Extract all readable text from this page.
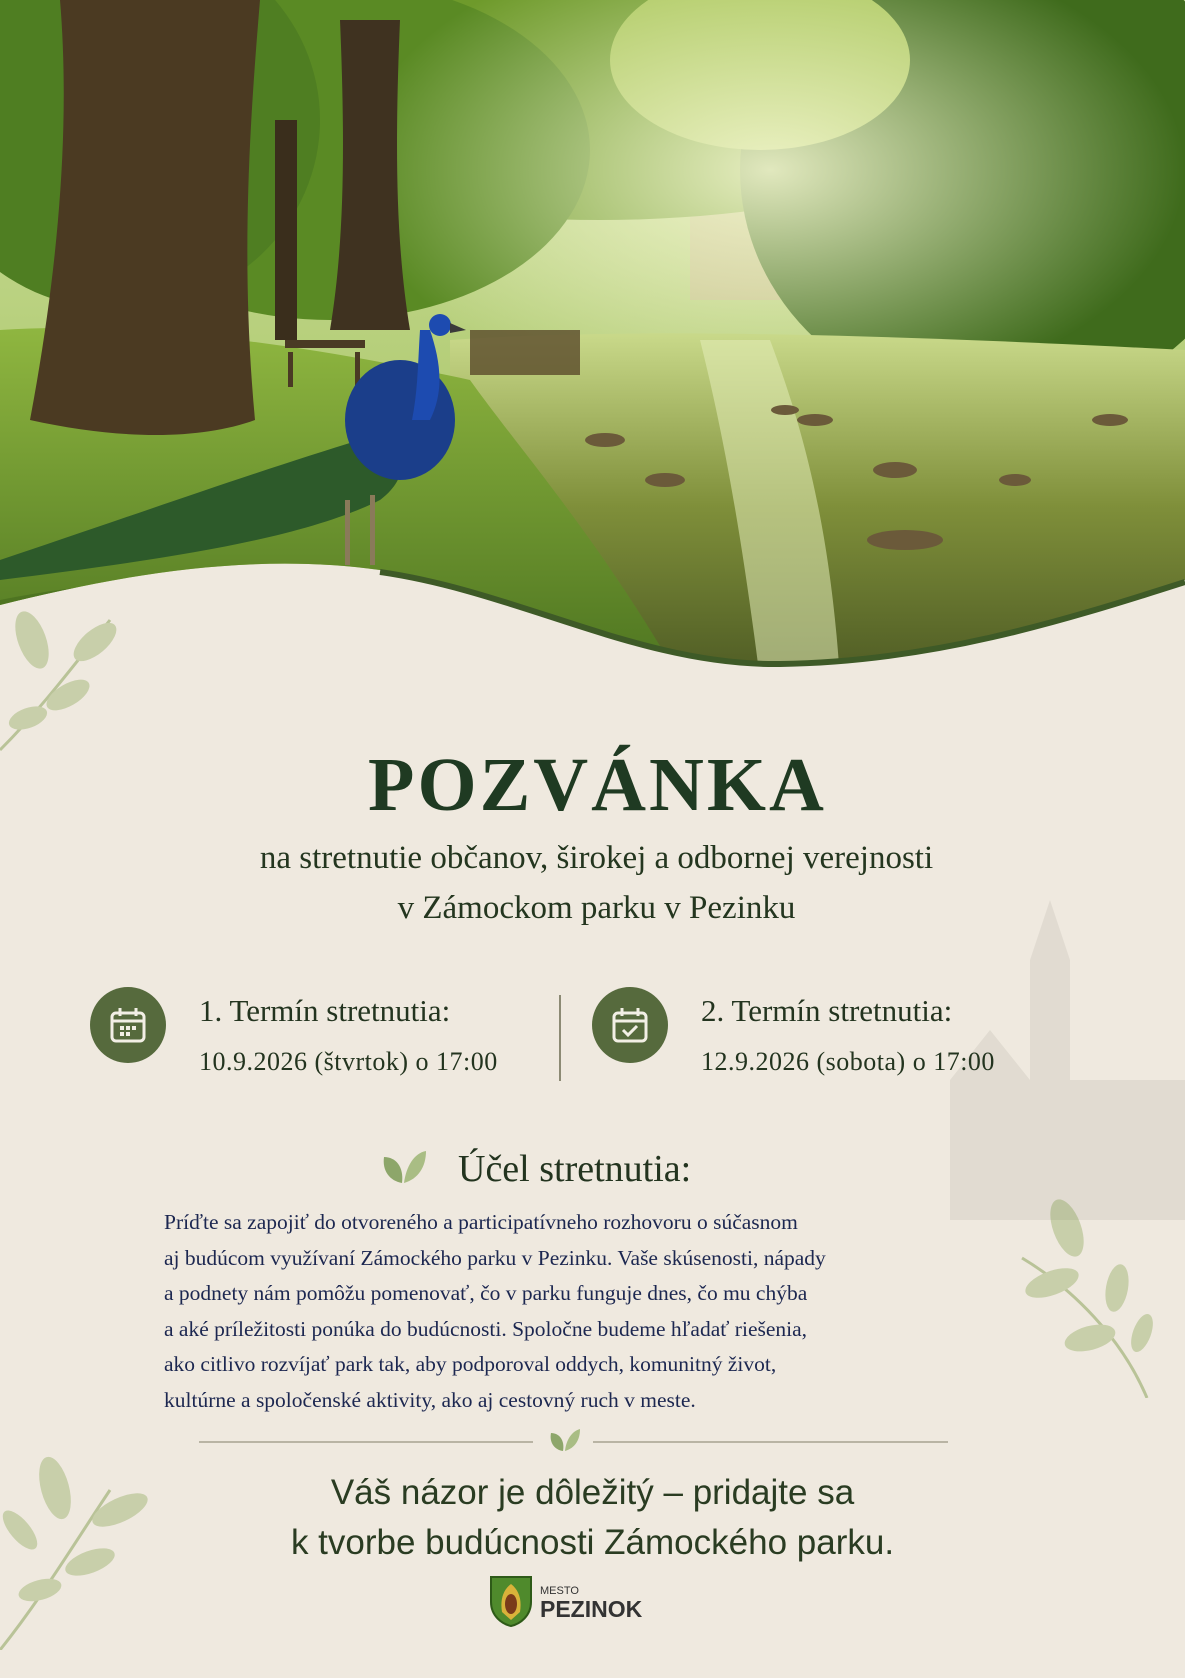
POZVÁNKA
na stretnutie občanov, širokej a odbornej verejnosti
v Zámockom parku v Pezinku
1. Termín stretnutia:
10.9.2026 (štvrtok) o 17:00
2. Termín stretnutia:
12.9.2026 (sobota) o 17:00
Účel stretnutia:
Príďte sa zapojiť do otvoreného a participatívneho rozhovoru o súčasnom
aj budúcom využívaní Zámockého parku v Pezinku. Vaše skúsenosti, nápady
a podnety nám pomôžu pomenovať, čo v parku funguje dnes, čo mu chýba
a aké príležitosti ponúka do budúcnosti. Spoločne budeme hľadať riešenia,
ako citlivo rozvíjať park tak, aby podporoval oddych, komunitný život,
kultúrne a spoločenské aktivity, ako aj cestovný ruch v meste.
Váš názor je dôležitý – pridajte sa
k tvorbe budúcnosti Zámockého parku.
MESTO
PEZINOK
